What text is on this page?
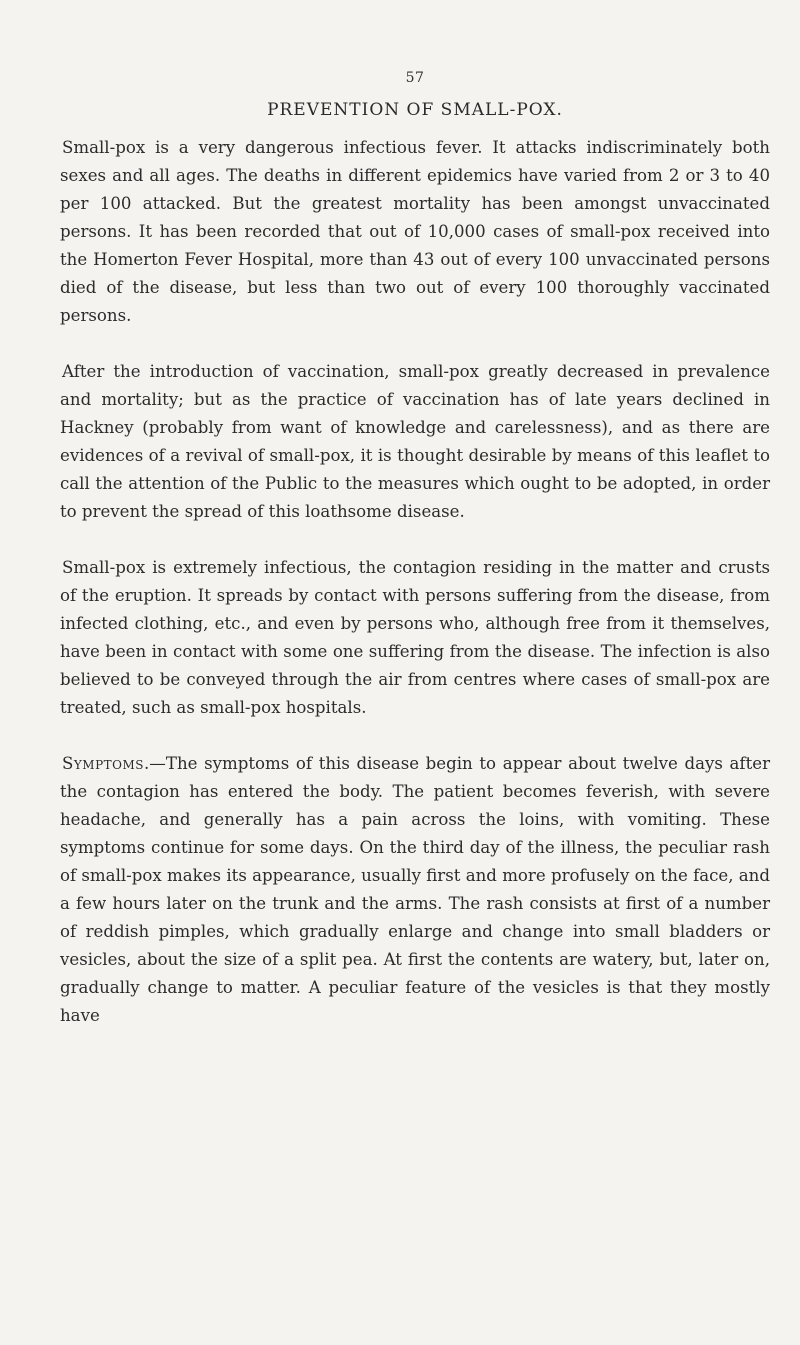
57
PREVENTION OF SMALL-POX.

Small-pox is a very dangerous infectious fever. It attacks indiscriminately both sexes and all ages. The deaths in different epidemics have varied from 2 or 3 to 40 per 100 attacked. But the greatest mortality has been amongst unvaccinated persons. It has been recorded that out of 10,000 cases of small-pox received into the Homerton Fever Hospital, more than 43 out of every 100 unvaccinated persons died of the disease, but less than two out of every 100 thoroughly vaccinated persons.

After the introduction of vaccination, small-pox greatly decreased in prevalence and mortality; but as the practice of vaccination has of late years declined in Hackney (probably from want of knowledge and carelessness), and as there are evidences of a revival of small-pox, it is thought desirable by means of this leaflet to call the attention of the Public to the measures which ought to be adopted, in order to prevent the spread of this loathsome disease.

Small-pox is extremely infectious, the contagion residing in the matter and crusts of the eruption. It spreads by contact with persons suffering from the disease, from infected clothing, etc., and even by persons who, although free from it themselves, have been in contact with some one suffering from the disease. The infection is also believed to be conveyed through the air from centres where cases of small-pox are treated, such as small-pox hospitals.

Symptoms.—The symptoms of this disease begin to appear about twelve days after the contagion has entered the body. The patient becomes feverish, with severe headache, and generally has a pain across the loins, with vomiting. These symptoms continue for some days. On the third day of the illness, the peculiar rash of small-pox makes its appearance, usually first and more profusely on the face, and a few hours later on the trunk and the arms. The rash consists at first of a number of reddish pimples, which gradually enlarge and change into small bladders or vesicles, about the size of a split pea. At first the contents are watery, but, later on, gradually change to matter. A peculiar feature of the vesicles is that they mostly have
